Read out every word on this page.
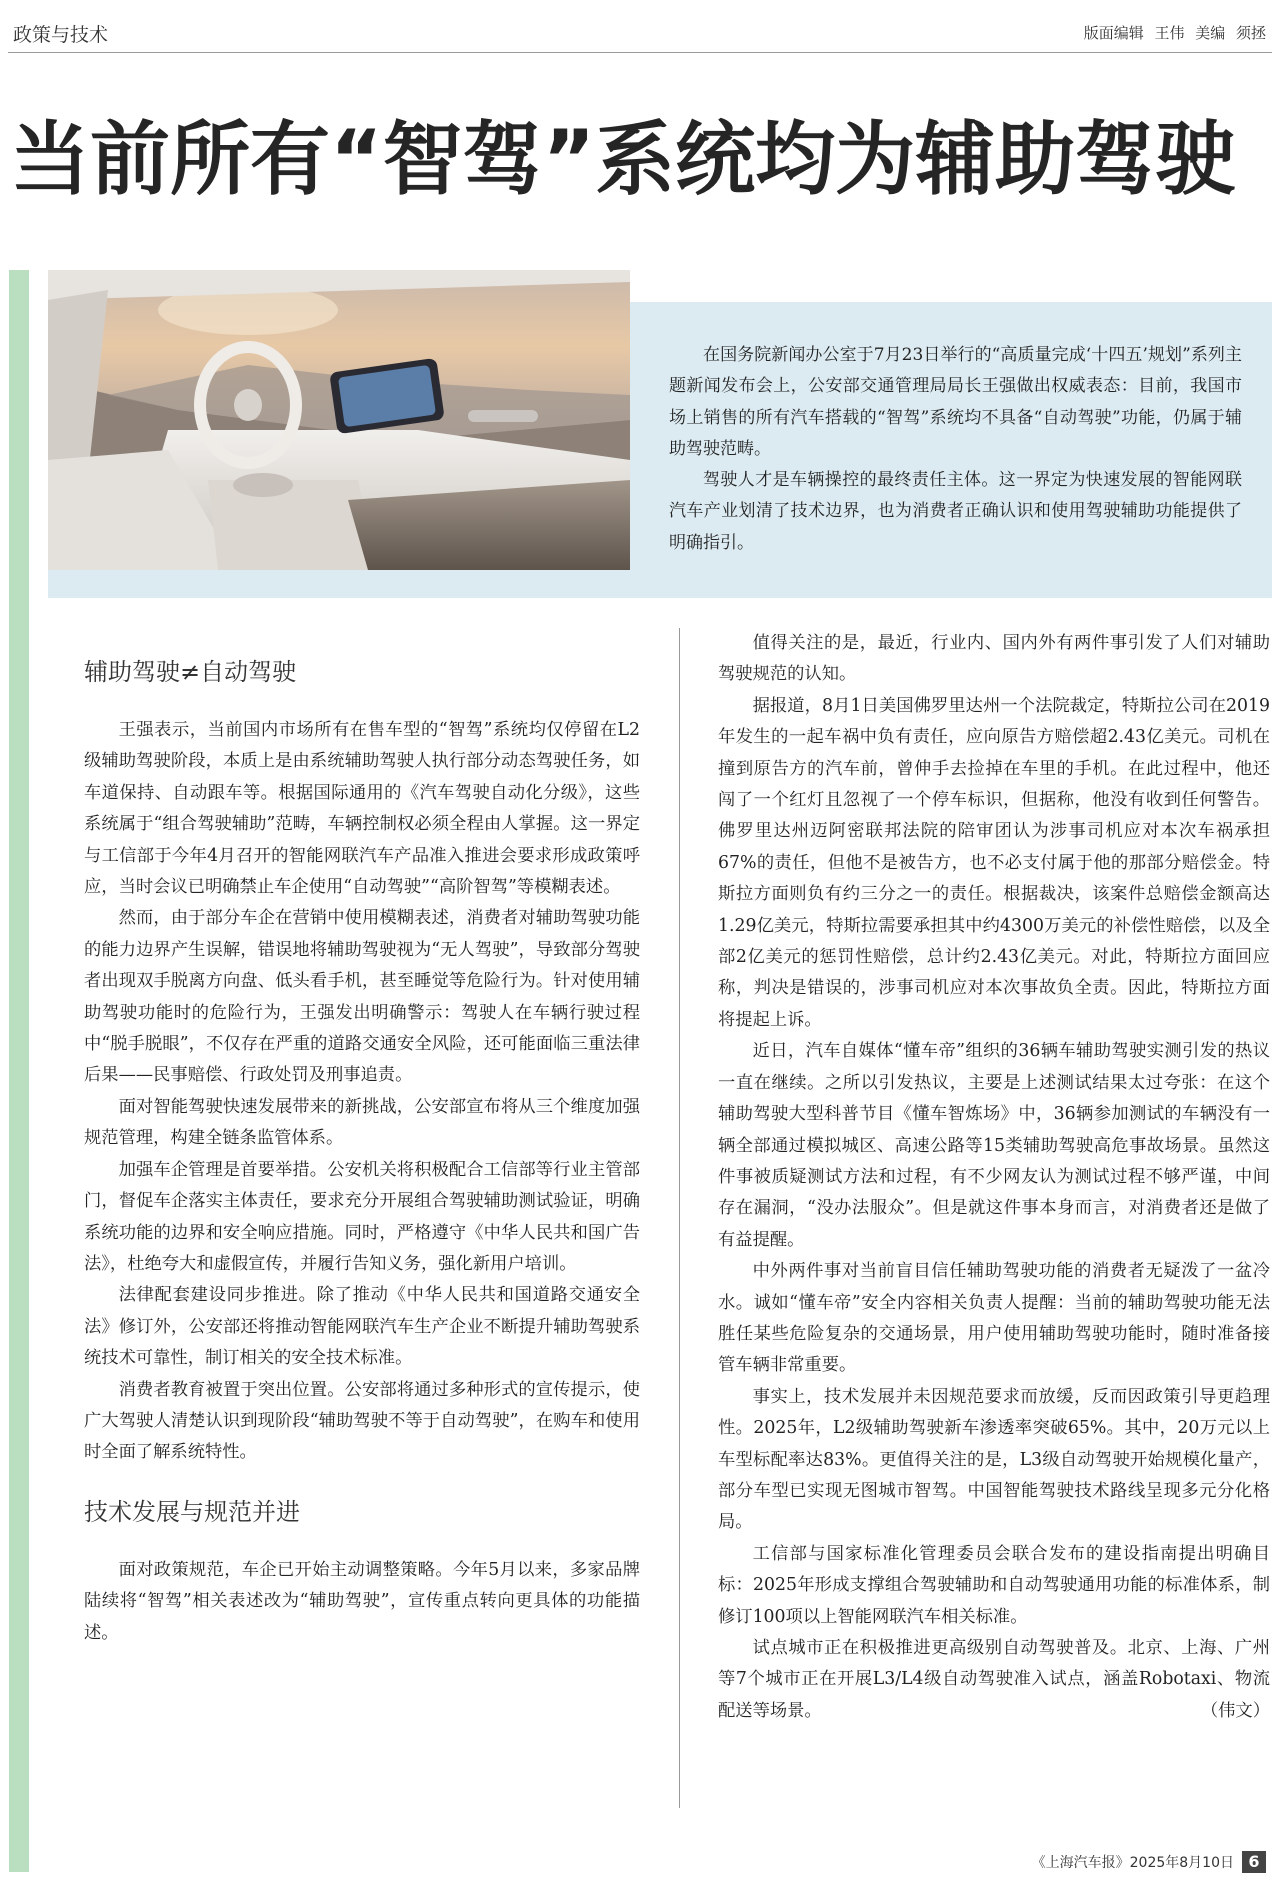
政策与技术	版面编辑 王伟 美编 须拯
当前所有“智驾”系统均为辅助驾驶

在国务院新闻办公室于7月23日举行的“高质量完成‘十四五’规划”系列主题新闻发布会上，公安部交通管理局局长王强做出权威表态：目前，我国市场上销售的所有汽车搭载的“智驾”系统均不具备“自动驾驶”功能，仍属于辅助驾驶范畴。

驾驶人才是车辆操控的最终责任主体。这一界定为快速发展的智能网联汽车产业划清了技术边界，也为消费者正确认识和使用驾驶辅助功能提供了明确指引。

辅助驾驶≠自动驾驶

王强表示，当前国内市场所有在售车型的“智驾”系统均仅停留在L2级辅助驾驶阶段，本质上是由系统辅助驾驶人执行部分动态驾驶任务，如车道保持、自动跟车等。根据国际通用的《汽车驾驶自动化分级》，这些系统属于“组合驾驶辅助”范畴，车辆控制权必须全程由人掌握。这一界定与工信部于今年4月召开的智能网联汽车产品准入推进会要求形成政策呼应，当时会议已明确禁止车企使用“自动驾驶”“高阶智驾”等模糊表述。

然而，由于部分车企在营销中使用模糊表述，消费者对辅助驾驶功能的能力边界产生误解，错误地将辅助驾驶视为“无人驾驶”，导致部分驾驶者出现双手脱离方向盘、低头看手机，甚至睡觉等危险行为。针对使用辅助驾驶功能时的危险行为，王强发出明确警示：驾驶人在车辆行驶过程中“脱手脱眼”，不仅存在严重的道路交通安全风险，还可能面临三重法律后果——民事赔偿、行政处罚及刑事追责。

面对智能驾驶快速发展带来的新挑战，公安部宣布将从三个维度加强规范管理，构建全链条监管体系。

加强车企管理是首要举措。公安机关将积极配合工信部等行业主管部门，督促车企落实主体责任，要求充分开展组合驾驶辅助测试验证，明确系统功能的边界和安全响应措施。同时，严格遵守《中华人民共和国广告法》，杜绝夸大和虚假宣传，并履行告知义务，强化新用户培训。

法律配套建设同步推进。除了推动《中华人民共和国道路交通安全法》修订外，公安部还将推动智能网联汽车生产企业不断提升辅助驾驶系统技术可靠性，制订相关的安全技术标准。

消费者教育被置于突出位置。公安部将通过多种形式的宣传提示，使广大驾驶人清楚认识到现阶段“辅助驾驶不等于自动驾驶”，在购车和使用时全面了解系统特性。

技术发展与规范并进

面对政策规范，车企已开始主动调整策略。今年5月以来，多家品牌陆续将“智驾”相关表述改为“辅助驾驶”，宣传重点转向更具体的功能描述。

值得关注的是，最近，行业内、国内外有两件事引发了人们对辅助驾驶规范的认知。

据报道，8月1日美国佛罗里达州一个法院裁定，特斯拉公司在2019年发生的一起车祸中负有责任，应向原告方赔偿超2.43亿美元。司机在撞到原告方的汽车前，曾伸手去捡掉在车里的手机。在此过程中，他还闯了一个红灯且忽视了一个停车标识，但据称，他没有收到任何警告。佛罗里达州迈阿密联邦法院的陪审团认为涉事司机应对本次车祸承担67%的责任，但他不是被告方，也不必支付属于他的那部分赔偿金。特斯拉方面则负有约三分之一的责任。根据裁决，该案件总赔偿金额高达1.29亿美元，特斯拉需要承担其中约4300万美元的补偿性赔偿，以及全部2亿美元的惩罚性赔偿，总计约2.43亿美元。对此，特斯拉方面回应称，判决是错误的，涉事司机应对本次事故负全责。因此，特斯拉方面将提起上诉。

近日，汽车自媒体“懂车帝”组织的36辆车辅助驾驶实测引发的热议一直在继续。之所以引发热议，主要是上述测试结果太过夸张：在这个辅助驾驶大型科普节目《懂车智炼场》中，36辆参加测试的车辆没有一辆全部通过模拟城区、高速公路等15类辅助驾驶高危事故场景。虽然这件事被质疑测试方法和过程，有不少网友认为测试过程不够严谨，中间存在漏洞，“没办法服众”。但是就这件事本身而言，对消费者还是做了有益提醒。

中外两件事对当前盲目信任辅助驾驶功能的消费者无疑泼了一盆冷水。诚如“懂车帝”安全内容相关负责人提醒：当前的辅助驾驶功能无法胜任某些危险复杂的交通场景，用户使用辅助驾驶功能时，随时准备接管车辆非常重要。

事实上，技术发展并未因规范要求而放缓，反而因政策引导更趋理性。2025年，L2级辅助驾驶新车渗透率突破65%。其中，20万元以上车型标配率达83%。更值得关注的是，L3级自动驾驶开始规模化量产，部分车型已实现无图城市智驾。中国智能驾驶技术路线呈现多元分化格局。

工信部与国家标准化管理委员会联合发布的建设指南提出明确目标：2025年形成支撑组合驾驶辅助和自动驾驶通用功能的标准体系，制修订100项以上智能网联汽车相关标准。

试点城市正在积极推进更高级别自动驾驶普及。北京、上海、广州等7个城市正在开展L3/L4级自动驾驶准入试点，涵盖Robotaxi、物流配送等场景。	（伟文）

《上海汽车报》2025年8月10日 6
